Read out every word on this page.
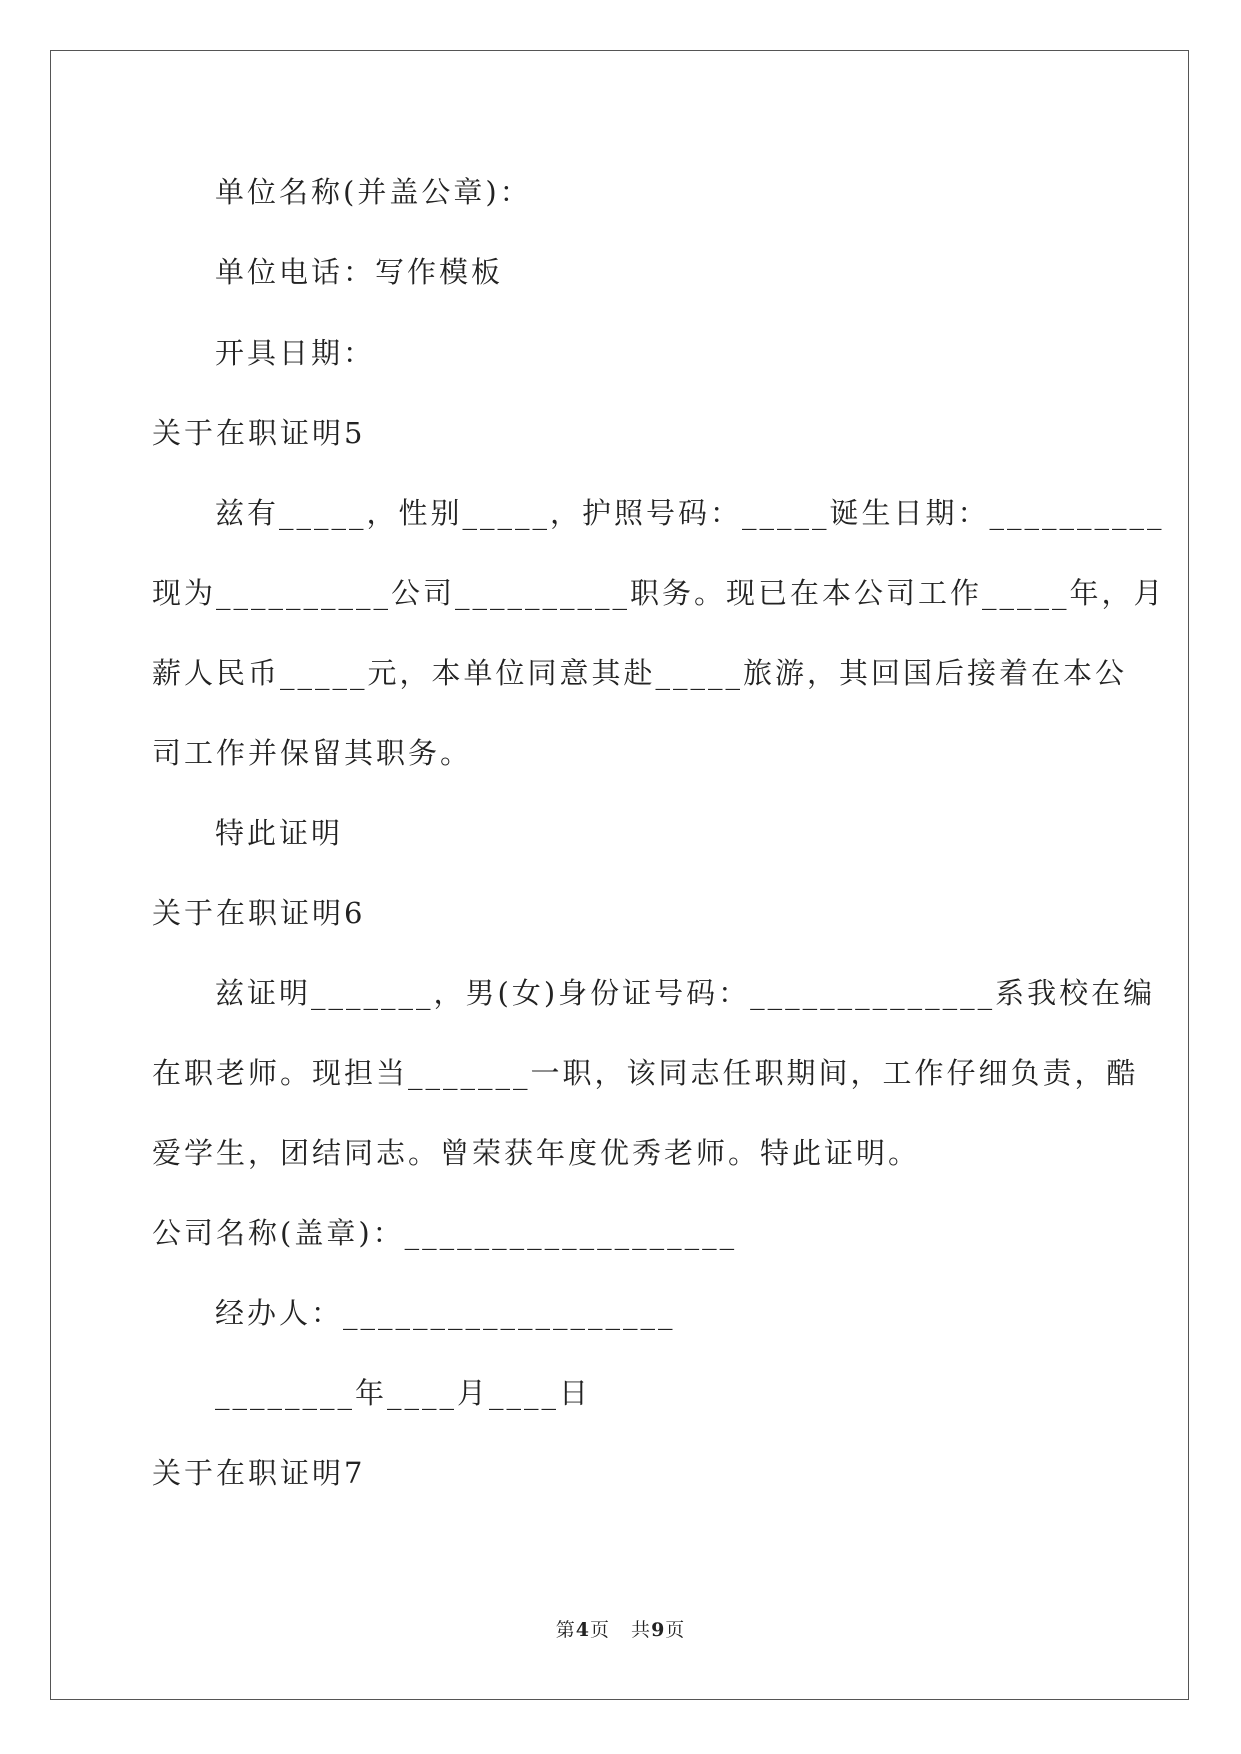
单位名称(并盖公章)：
单位电话：写作模板
开具日期：
关于在职证明5
兹有_____，性别_____，护照号码：_____诞生日期：__________
现为__________公司__________职务。现已在本公司工作_____年，月
薪人民币_____元，本单位同意其赴_____旅游，其回国后接着在本公
司工作并保留其职务。
特此证明
关于在职证明6
兹证明_______，男(女)身份证号码：______________系我校在编
在职老师。现担当_______一职，该同志任职期间，工作仔细负责，酷
爱学生，团结同志。曾荣获年度优秀老师。特此证明。
公司名称(盖章)：___________________
经办人：___________________
________年____月____日
关于在职证明7
第4页   共9页
